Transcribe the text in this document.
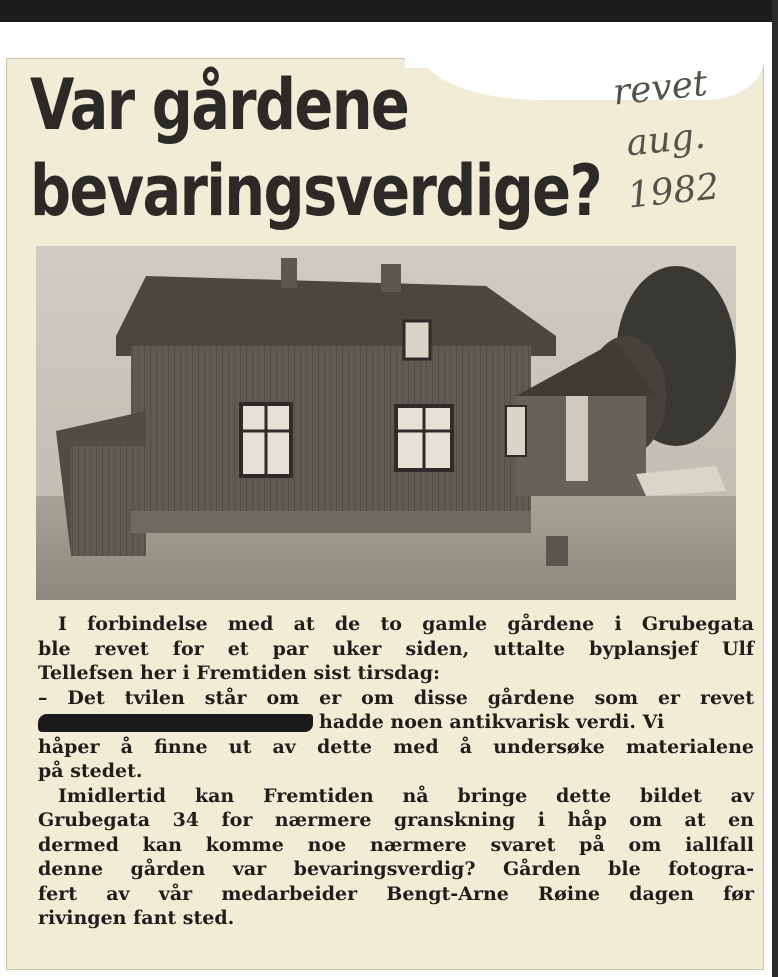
Var gårdene
bevaringsverdige?
revet
aug.
1982

I forbindelse med at de to gamle gårdene i Grubegata

ble revet for et par uker siden, uttalte byplansjef Ulf

Tellefsen her i Fremtiden sist tirsdag:

– Det tvilen står om er om disse gårdene som er revet

hadde noen antikvarisk verdi. Vi

håper å finne ut av dette med å undersøke materialene

på stedet.

Imidlertid kan Fremtiden nå bringe dette bildet av

Grubegata 34 for nærmere granskning i håp om at en

dermed kan komme noe nærmere svaret på om iallfall

denne gården var bevaringsverdig? Gården ble fotogra-

fert av vår medarbeider Bengt-Arne Røine dagen før

rivingen fant sted.
